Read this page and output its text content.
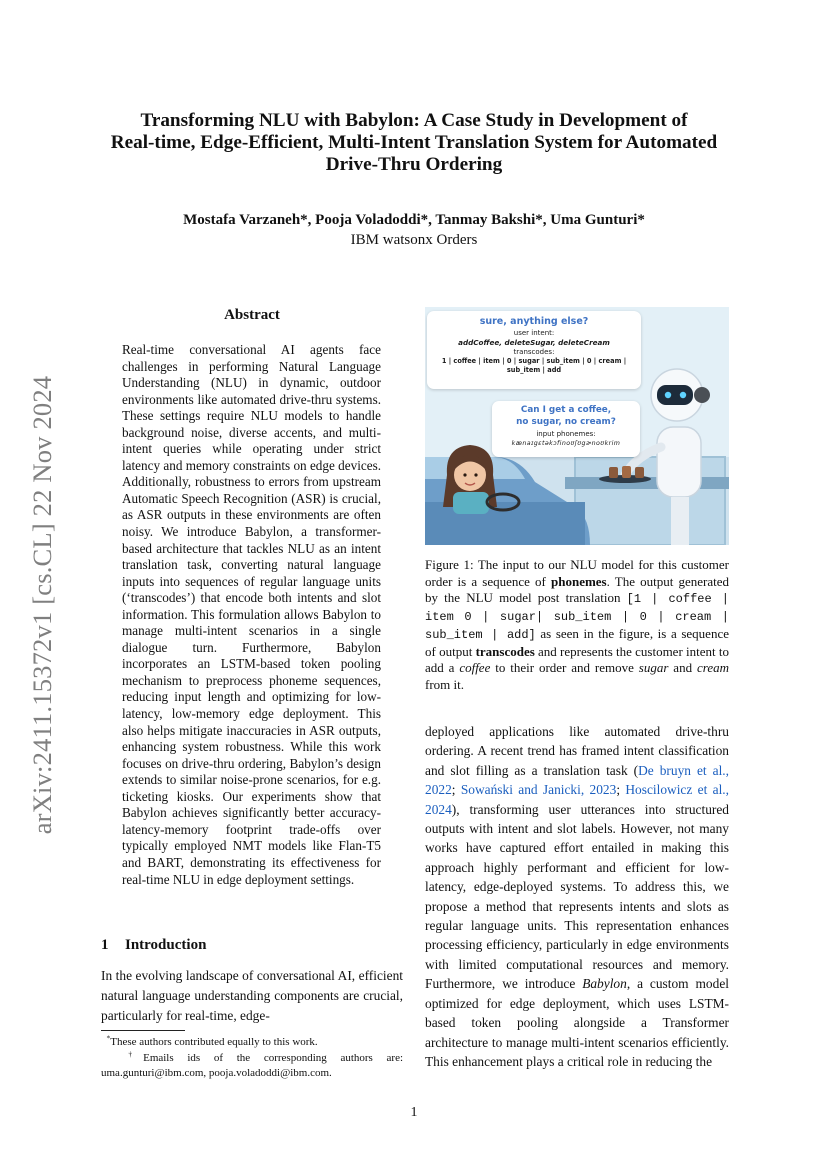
arXiv:2411.15372v1 [cs.CL] 22 Nov 2024
Transforming NLU with Babylon: A Case Study in Development of
Real-time, Edge-Efficient, Multi-Intent Translation System for Automated
Drive-Thru Ordering
Mostafa Varzaneh*, Pooja Voladoddi*, Tanmay Bakshi*, Uma Gunturi*
IBM watsonx Orders
Abstract
Real-time conversational AI agents face challenges in performing Natural Language Understanding (NLU) in dynamic, outdoor environments like automated drive-thru systems. These settings require NLU models to handle background noise, diverse accents, and multi-intent queries while operating under strict latency and memory constraints on edge devices. Additionally, robustness to errors from upstream Automatic Speech Recognition (ASR) is crucial, as ASR outputs in these environments are often noisy. We introduce Babylon, a transformer-based architecture that tackles NLU as an intent translation task, converting natural language inputs into sequences of regular language units (‘transcodes’) that encode both intents and slot information. This formulation allows Babylon to manage multi-intent scenarios in a single dialogue turn. Furthermore, Babylon incorporates an LSTM-based token pooling mechanism to preprocess phoneme sequences, reducing input length and optimizing for low-latency, low-memory edge deployment. This also helps mitigate inaccuracies in ASR outputs, enhancing system robustness. While this work focuses on drive-thru ordering, Babylon’s design extends to similar noise-prone scenarios, for e.g. ticketing kiosks. Our experiments show that Babylon achieves significantly better accuracy-latency-memory footprint trade-offs over typically employed NMT models like Flan-T5 and BART, demonstrating its effectiveness for real-time NLU in edge deployment settings.
1 Introduction
In the evolving landscape of conversational AI, efficient natural language understanding components are crucial, particularly for real-time, edge-
*These authors contributed equally to this work.
†Emails ids of the corresponding authors are: uma.gunturi@ibm.com, pooja.voladoddi@ibm.com.
sure, anything else?
user intent:
addCoffee, deleteSugar, deleteCream
transcodes:
1 | coffee | item | 0 | sugar | sub_item | 0 | cream |
sub_item | add
Can I get a coffee,
no sugar, no cream?
input phonemes:
kænaɪgɛtəkɔfinoʊʃʊgɚnoʊkrim
Figure 1: The input to our NLU model for this customer order is a sequence of phonemes. The output generated by the NLU model post translation [1 | coffee | item 0 | sugar| sub_item | 0 | cream | sub_item | add] as seen in the figure, is a sequence of output transcodes and represents the customer intent to add a coffee to their order and remove sugar and cream from it.
deployed applications like automated drive-thru ordering. A recent trend has framed intent classification and slot filling as a translation task (De bruyn et al., 2022; Sowański and Janicki, 2023; Hoscilowicz et al., 2024), transforming user utterances into structured outputs with intent and slot labels. However, not many works have captured effort entailed in making this approach highly performant and efficient for low-latency, edge-deployed systems. To address this, we propose a method that represents intents and slots as regular language units. This representation enhances processing efficiency, particularly in edge environments with limited computational resources and memory. Furthermore, we introduce Babylon, a custom model optimized for edge deployment, which uses LSTM-based token pooling alongside a Transformer architecture to manage multi-intent scenarios efficiently. This enhancement plays a critical role in reducing the
1
